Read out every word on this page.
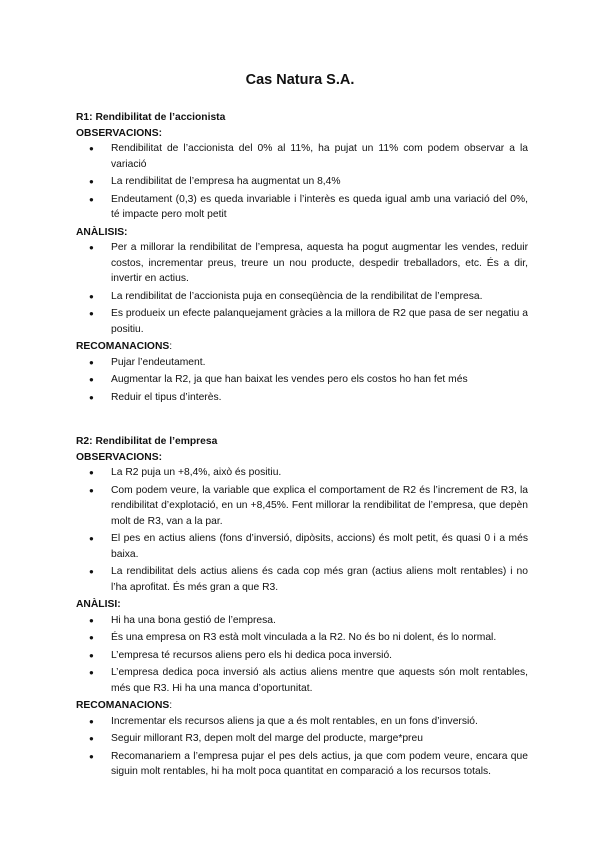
Cas Natura S.A.
R1: Rendibilitat de l’accionista
OBSERVACIONS:
● Rendibilitat de l’accionista del 0% al 11%, ha pujat un 11% com podem observar a la variació
● La rendibilitat de l’empresa ha augmentat un 8,4%
● Endeutament (0,3) es queda invariable i l’interès es queda igual amb una variació del 0%, té impacte pero molt petit
ANÀLISIS:
● Per a millorar la rendibilitat de l’empresa, aquesta ha pogut augmentar les vendes, reduir costos, incrementar preus, treure un nou producte, despedir treballadors, etc. És a dir, invertir en actius.
● La rendibilitat de l’accionista puja en conseqüència de la rendibilitat de l’empresa.
● Es produeix un efecte palanquejament gràcies a la millora de R2 que pasa de ser negatiu a positiu.
RECOMANACIONS:
● Pujar l’endeutament.
● Augmentar la R2, ja que han baixat les vendes pero els costos ho han fet més
● Reduir el tipus d’interès.
R2: Rendibilitat de l’empresa
OBSERVACIONS:
● La R2 puja un +8,4%, això és positiu.
● Com podem veure, la variable que explica el comportament de R2 és l’increment de R3, la rendibilitat d’explotació, en un +8,45%. Fent millorar la rendibilitat de l’empresa, que depèn molt de R3, van a la par.
● El pes en actius aliens (fons d’inversió, dipòsits, accions) és molt petit, és quasi 0 i a més baixa.
● La rendibilitat dels actius aliens és cada cop més gran (actius aliens molt rentables) i no l’ha aprofitat. És més gran a que R3.
ANÀLISI:
● Hi ha una bona gestió de l’empresa.
● És una empresa on R3 està molt vinculada a la R2. No és bo ni dolent, és lo normal.
● L’empresa té recursos aliens pero els hi dedica poca inversió.
● L’empresa dedica poca inversió als actius aliens mentre que aquests són molt rentables, més que R3. Hi ha una manca d’oportunitat.
RECOMANACIONS:
● Incrementar els recursos aliens ja que a és molt rentables, en un fons d’inversió.
● Seguir millorant R3, depen molt del marge del producte, marge*preu
● Recomanariem a l’empresa pujar el pes dels actius, ja que com podem veure, encara que siguin molt rentables, hi ha molt poca quantitat en comparació a los recursos totals.
